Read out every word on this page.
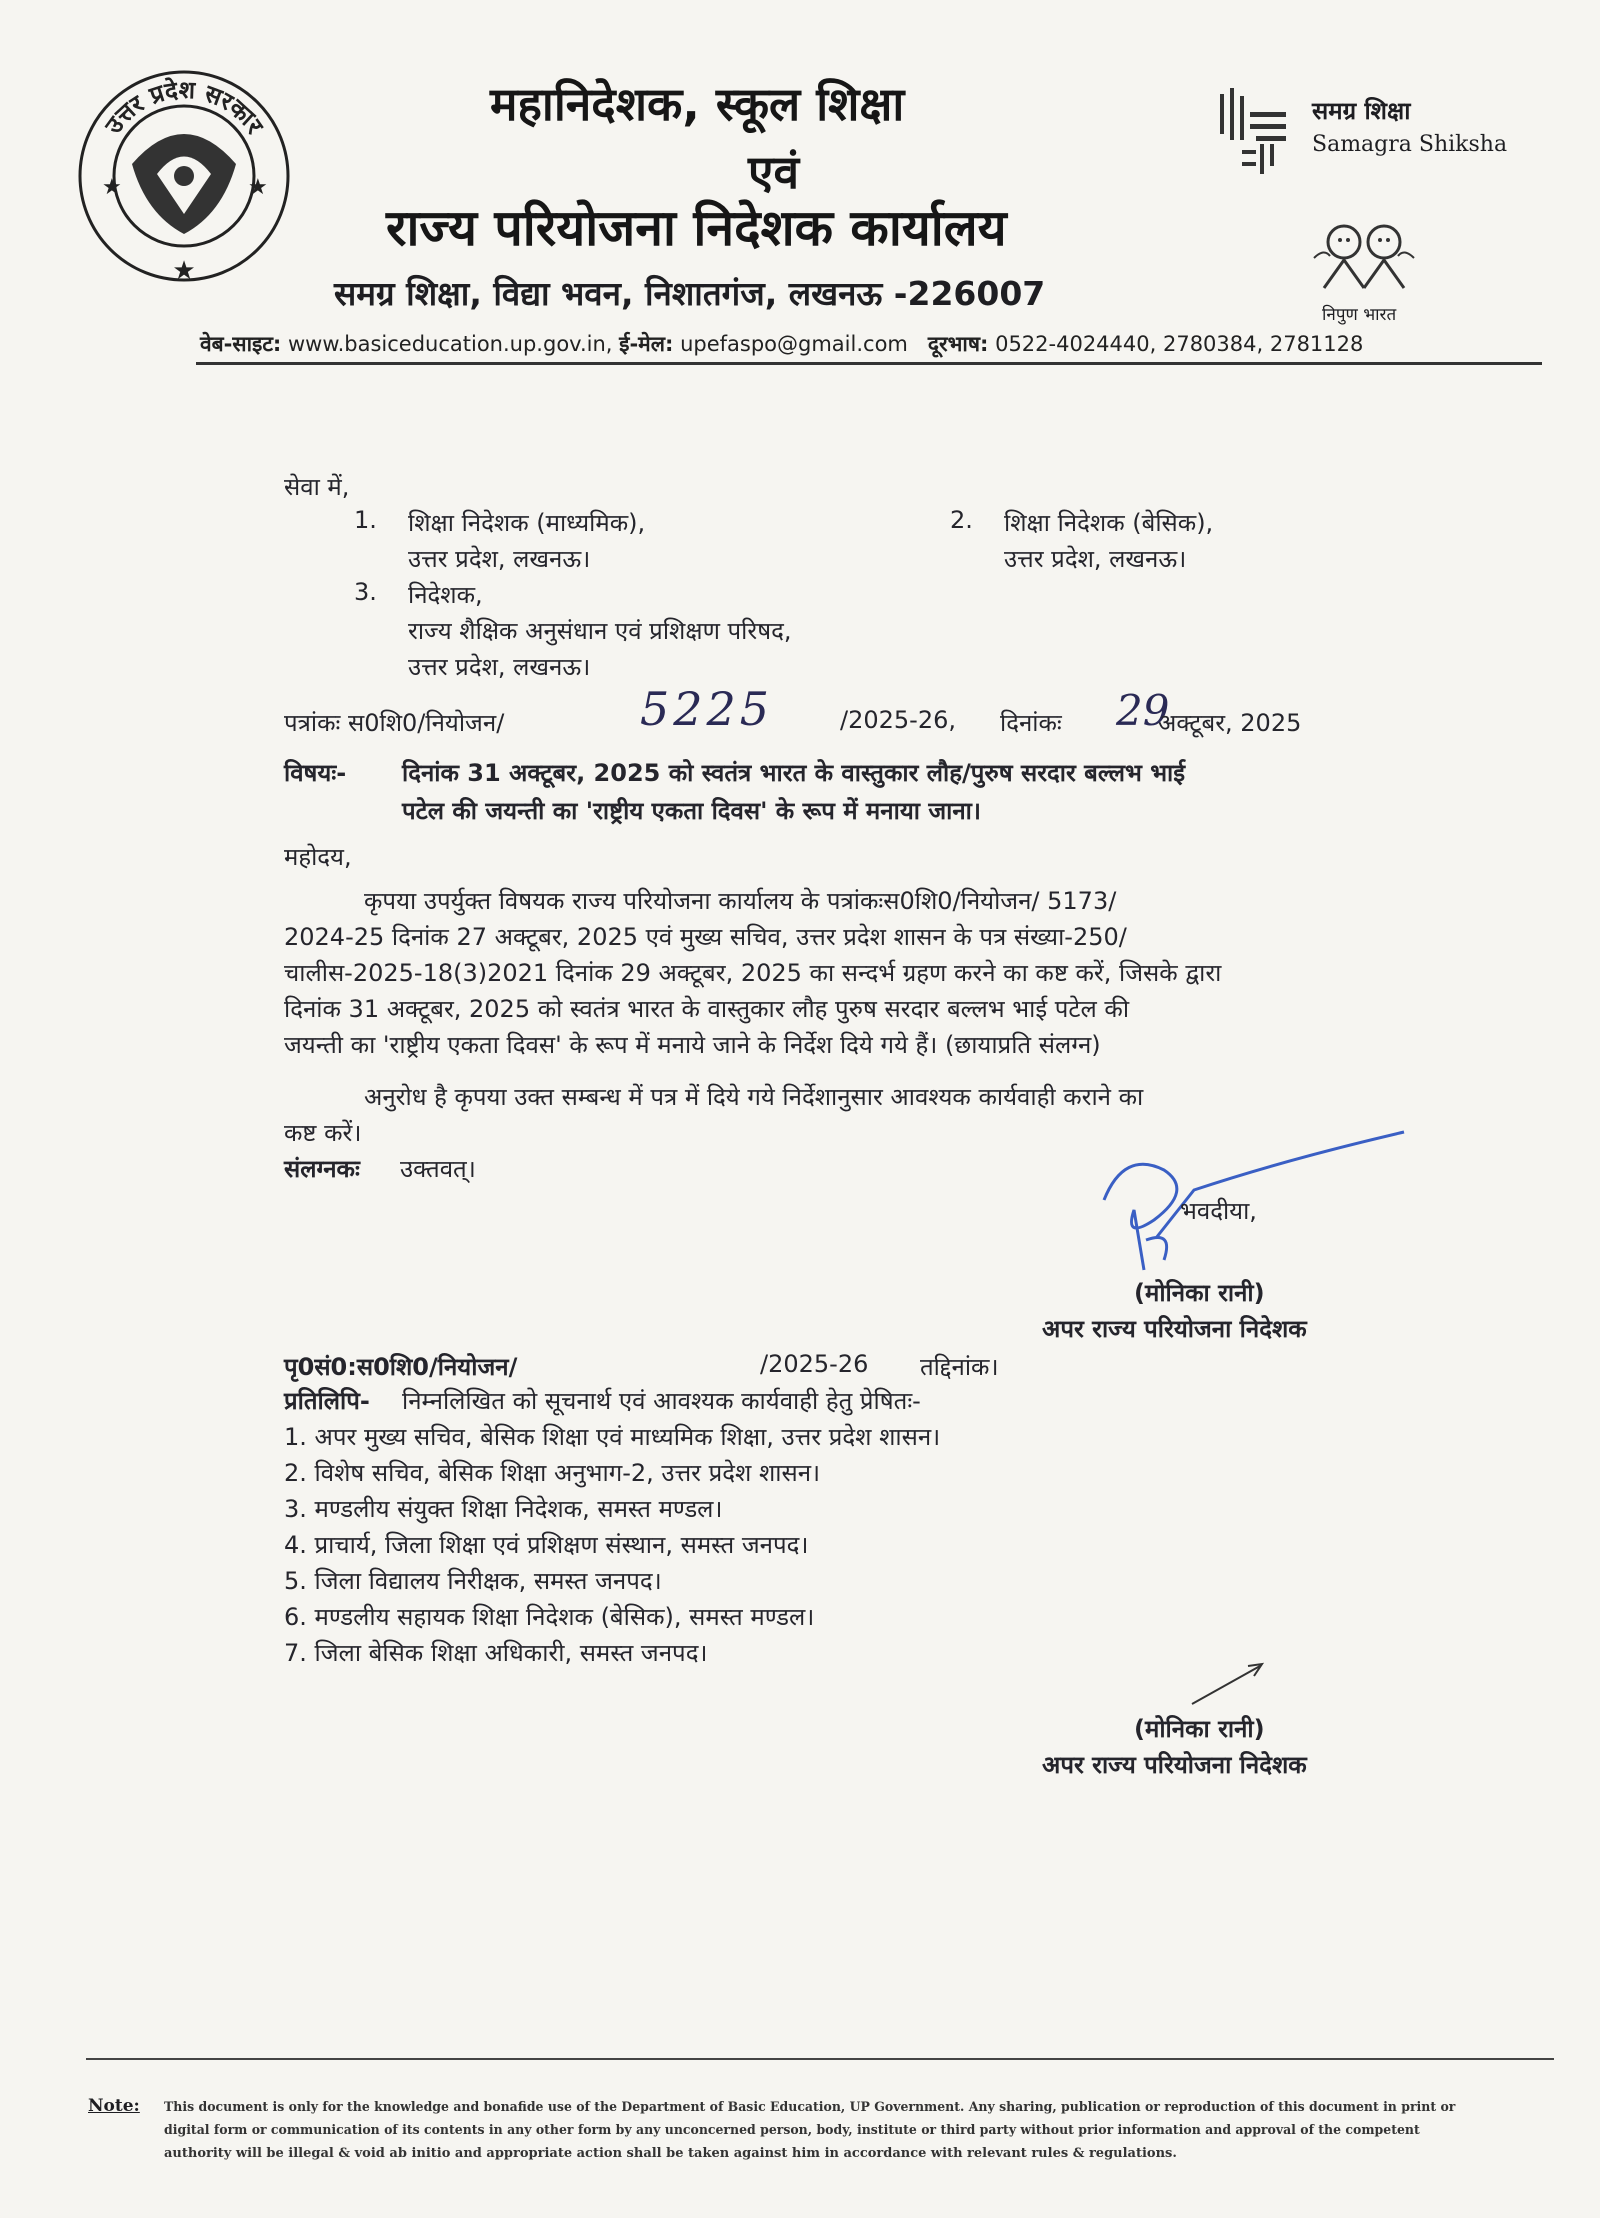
★	★
★
उत्तर प्रदेश सरकार	महानिदेशक, स्कूल शिक्षा
एवं
राज्य परियोजना निदेशक कार्यालय
समग्र शिक्षा, विद्या भवन, निशातगंज, लखनऊ -226007
समग्र शिक्षा
Samagra Shiksha
निपुण भारत
वेब-साइट: www.basiceducation.up.gov.in, ई-मेल: upefaspo@gmail.com दूरभाष: 0522-4024440, 2780384, 2781128
सेवा में,
1. शिक्षा निदेशक (माध्यमिक),
उत्तर प्रदेश, लखनऊ।
2. शिक्षा निदेशक (बेसिक),
उत्तर प्रदेश, लखनऊ।
3. निदेशक,
राज्य शैक्षिक अनुसंधान एवं प्रशिक्षण परिषद,
उत्तर प्रदेश, लखनऊ।
पत्रांकः स0शि0/नियोजन/	5225	/2025-26, दिनांकः 29
अक्टूबर, 2025
विषयः- दिनांक 31 अक्टूबर, 2025 को स्वतंत्र भारत के वास्तुकार लौह/पुरुष सरदार बल्लभ भाई
पटेल की जयन्ती का 'राष्ट्रीय एकता दिवस' के रूप में मनाया जाना।
महोदय,
कृपया उपर्युक्त विषयक राज्य परियोजना कार्यालय के पत्रांकःस0शि0/नियोजन/ 5173/
2024-25 दिनांक 27 अक्टूबर, 2025 एवं मुख्य सचिव, उत्तर प्रदेश शासन के पत्र संख्या-250/
चालीस-2025-18(3)2021 दिनांक 29 अक्टूबर, 2025 का सन्दर्भ ग्रहण करने का कष्ट करें, जिसके द्वारा
दिनांक 31 अक्टूबर, 2025 को स्वतंत्र भारत के वास्तुकार लौह पुरुष सरदार बल्लभ भाई पटेल की
जयन्ती का 'राष्ट्रीय एकता दिवस' के रूप में मनाये जाने के निर्देश दिये गये हैं। (छायाप्रति संलग्न)
अनुरोध है कृपया उक्त सम्बन्ध में पत्र में दिये गये निर्देशानुसार आवश्यक कार्यवाही कराने का
कष्ट करें।
संलग्नकः उक्तवत्।
भवदीया,
(मोनिका रानी)
अपर राज्य परियोजना निदेशक
पृ0सं0:स0शि0/नियोजन/	/2025-26 तद्दिनांक।
प्रतिलिपि- निम्नलिखित को सूचनार्थ एवं आवश्यक कार्यवाही हेतु प्रेषितः-
1. अपर मुख्य सचिव, बेसिक शिक्षा एवं माध्यमिक शिक्षा, उत्तर प्रदेश शासन।
2. विशेष सचिव, बेसिक शिक्षा अनुभाग-2, उत्तर प्रदेश शासन।
3. मण्डलीय संयुक्त शिक्षा निदेशक, समस्त मण्डल।
4. प्राचार्य, जिला शिक्षा एवं प्रशिक्षण संस्थान, समस्त जनपद।
5. जिला विद्यालय निरीक्षक, समस्त जनपद।
6. मण्डलीय सहायक शिक्षा निदेशक (बेसिक), समस्त मण्डल।
7. जिला बेसिक शिक्षा अधिकारी, समस्त जनपद।
(मोनिका रानी)
अपर राज्य परियोजना निदेशक
Note: This document is only for the knowledge and bonafide use of the Department of Basic Education, UP Government. Any sharing, publication or reproduction of this document in print or
digital form or communication of its contents in any other form by any unconcerned person, body, institute or third party without prior information and approval of the competent
authority will be illegal & void ab initio and appropriate action shall be taken against him in accordance with relevant rules & regulations.
